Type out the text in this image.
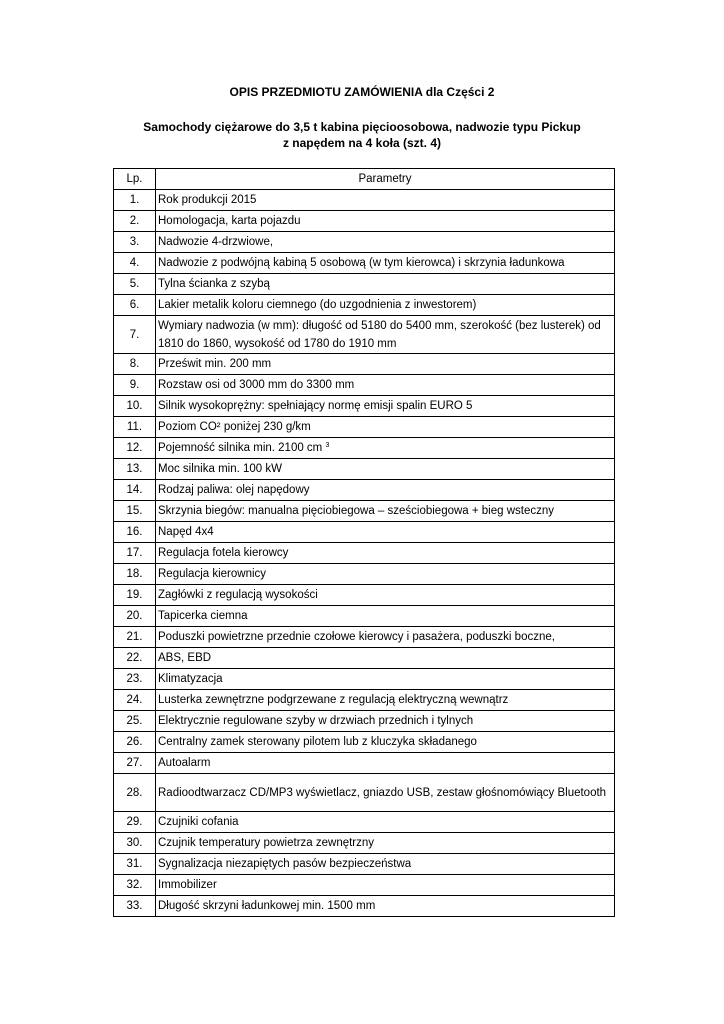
OPIS PRZEDMIOTU ZAMÓWIENIA dla Części 2
Samochody ciężarowe do 3,5 t kabina pięcioosobowa, nadwozie typu Pickup
z napędem na 4 koła (szt. 4)
Lp.	Parametry
1.	Rok produkcji 2015
2.	Homologacja, karta pojazdu
3.	Nadwozie 4-drzwiowe,
4.	Nadwozie z podwójną kabiną 5 osobową (w tym kierowca) i skrzynia ładunkowa
5.	Tylna ścianka z szybą
6.	Lakier metalik koloru ciemnego (do uzgodnienia z inwestorem)
7.	Wymiary nadwozia (w mm): długość od 5180 do 5400 mm, szerokość (bez lusterek) od 1810 do 1860, wysokość od 1780 do 1910 mm
8.	Prześwit min. 200 mm
9.	Rozstaw osi od 3000 mm do 3300 mm
10.	Silnik wysokoprężny: spełniający normę emisji spalin EURO 5
11.	Poziom CO² poniżej 230 g/km
12.	Pojemność silnika min. 2100 cm $^3$
13.	Moc silnika min. 100 kW
14.	Rodzaj paliwa: olej napędowy
15.	Skrzynia biegów: manualna pięciobiegowa – sześciobiegowa + bieg wsteczny
16.	Napęd 4x4
17.	Regulacja fotela kierowcy
18.	Regulacja kierownicy
19.	Zagłówki z regulacją wysokości
20.	Tapicerka ciemna
21.	Poduszki powietrzne przednie czołowe kierowcy i pasażera, poduszki boczne,
22.	ABS, EBD
23.	Klimatyzacja
24.	Lusterka zewnętrzne podgrzewane z regulacją elektryczną wewnątrz
25.	Elektrycznie regulowane szyby w drzwiach przednich i tylnych
26.	Centralny zamek sterowany pilotem lub z kluczyka składanego
27.	Autoalarm
28.	Radioodtwarzacz CD/MP3 wyświetlacz, gniazdo USB, zestaw głośnomówiący Bluetooth
29.	Czujniki cofania
30.	Czujnik temperatury powietrza zewnętrzny
31.	Sygnalizacja niezapiętych pasów bezpieczeństwa
32.	Immobilizer
33.	Długość skrzyni ładunkowej min. 1500 mm
